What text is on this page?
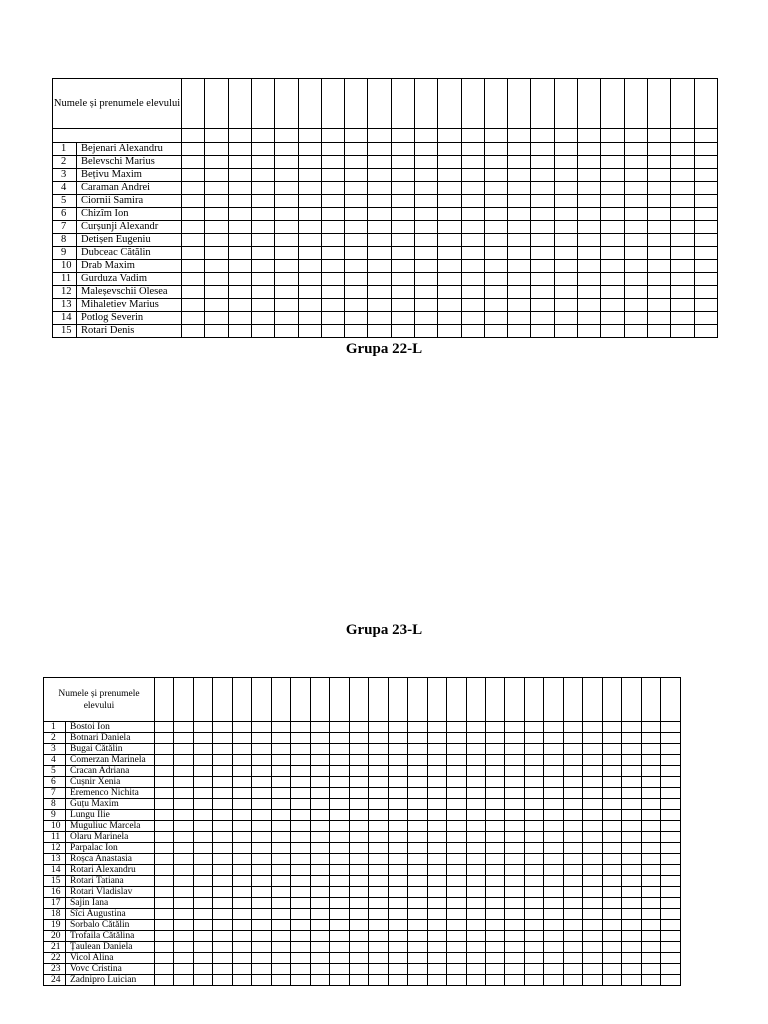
Numele și prenumele elevului																								

1	Bejenari Alexandru																							
2	Belevschi Marius																							
3	Bețivu Maxim																							
4	Caraman Andrei																							
5	Ciornii Samira																							
6	Chizîm Ion																							
7	Curșunji Alexandr																							
8	Detișen Eugeniu																							
9	Dubceac Cătălin																							
10	Drab Maxim																							
11	Gurduza Vadim																							
12	Maleșevschii Olesea																							
13	Mihaletiev Marius																							
14	Potlog Severin																							
15	Rotari Denis																							
Grupa 22-L
Grupa 23-L
Numele și prenumele elevului																												
1	Bostoi Ion																											
2	Botnari Daniela																											
3	Bugai Cătălin																											
4	Comerzan Marinela																											
5	Cracan Adriana																											
6	Cușnir Xenia																											
7	Eremenco Nichita																											
8	Guțu Maxim																											
9	Lungu Ilie																											
10	Muguliuc Marcela																											
11	Olaru Marinela																											
12	Parpalac Ion																											
13	Roșca Anastasia																											
14	Rotari Alexandru																											
15	Rotari Tatiana																											
16	Rotari Vladislav																											
17	Sajin Iana																											
18	Sîci Augustina																											
19	Sorbalo Cătălin																											
20	Trofaila Cătălina																											
21	Țaulean Daniela																											
22	Vicol Alina																											
23	Vovc Cristina																											
24	Zadnipro Luician																											
